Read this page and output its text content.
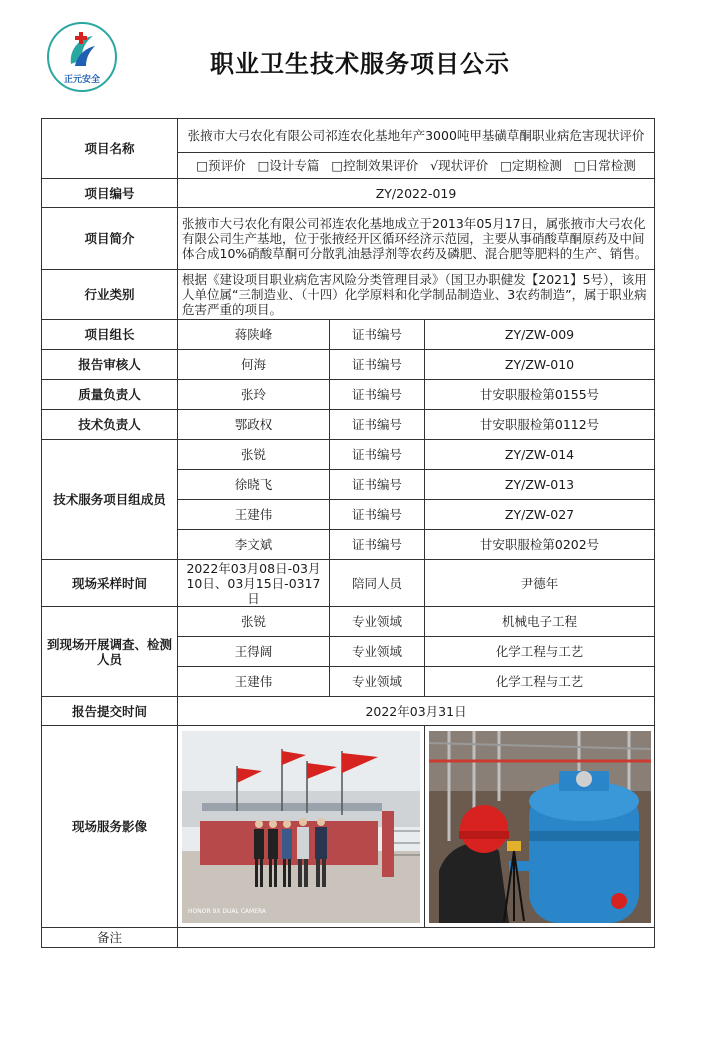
正元安全
职业卫生技术服务项目公示
项目名称	张掖市大弓农化有限公司祁连农化基地年产3000吨甲基磺草酮职业病危害现状评价		
	□预评价 □设计专篇 □控制效果评价 √现状评价 □定期检测 □日常检测		
项目编号	ZY/2022-019		
项目简介	张掖市大弓农化有限公司祁连农化基地成立于2013年05月17日，属张掖市大弓农化有限公司生产基地，位于张掖经开区循环经济示范园，主要从事硝酸草酮原药及中间体合成10%硝酸草酮可分散乳油悬浮剂等农药及磷肥、混合肥等肥料的生产、销售。		
行业类别	根据《建设项目职业病危害风险分类管理目录》（国卫办职健发【2021】5号），该用人单位属“三制造业、（十四）化学原料和化学制品制造业、3农药制造”，属于职业病危害严重的项目。		
项目组长	蒋陕峰	证书编号	ZY/ZW-009
报告审核人	何海	证书编号	ZY/ZW-010
质量负责人	张玲	证书编号	甘安职服检第0155号
技术负责人	鄂政权	证书编号	甘安职服检第0112号
技术服务项目组成员	张锐	证书编号	ZY/ZW-014
	徐晓飞	证书编号	ZY/ZW-013
	王建伟	证书编号	ZY/ZW-027
	李文斌	证书编号	甘安职服检第0202号
现场采样时间	2022年03月08日-03月10日、03月15日-0317日	陪同人员	尹德年
到现场开展调查、检测人员	张锐	专业领域	机械电子工程
	王得阔	专业领域	化学工程与工艺
	王建伟	专业领域	化学工程与工艺
报告提交时间	2022年03月31日		
现场服务影像	HONOR 9X DUAL CAMERA

备注			
